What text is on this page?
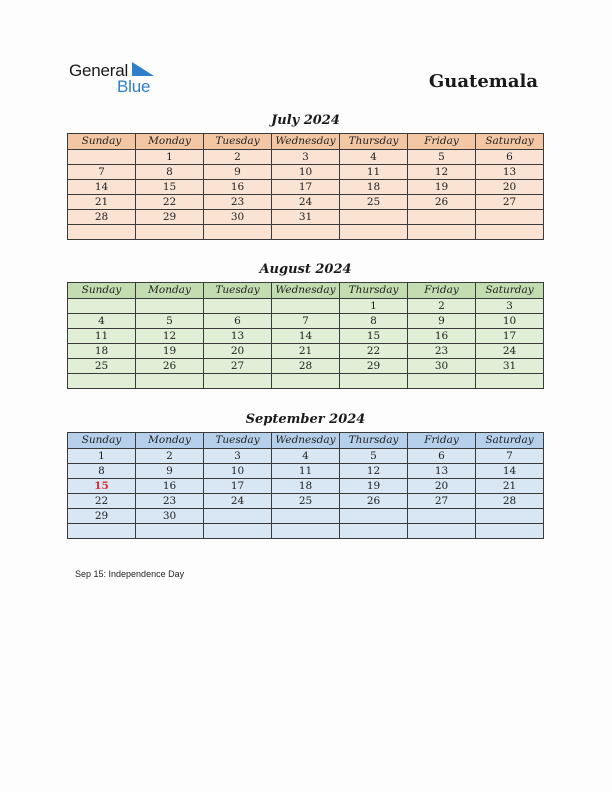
General
Blue	Guatemala
July 2024
Sunday	Monday	Tuesday	Wednesday	Thursday	Friday	Saturday
	1	2	3	4	5	6
7	8	9	10	11	12	13
14	15	16	17	18	19	20
21	22	23	24	25	26	27
28	29	30	31			

August 2024
Sunday	Monday	Tuesday	Wednesday	Thursday	Friday	Saturday
				1	2	3
4	5	6	7	8	9	10
11	12	13	14	15	16	17
18	19	20	21	22	23	24
25	26	27	28	29	30	31

September 2024
Sunday	Monday	Tuesday	Wednesday	Thursday	Friday	Saturday
1	2	3	4	5	6	7
8	9	10	11	12	13	14
15	16	17	18	19	20	21
22	23	24	25	26	27	28
29	30					

Sep 15: Independence Day
